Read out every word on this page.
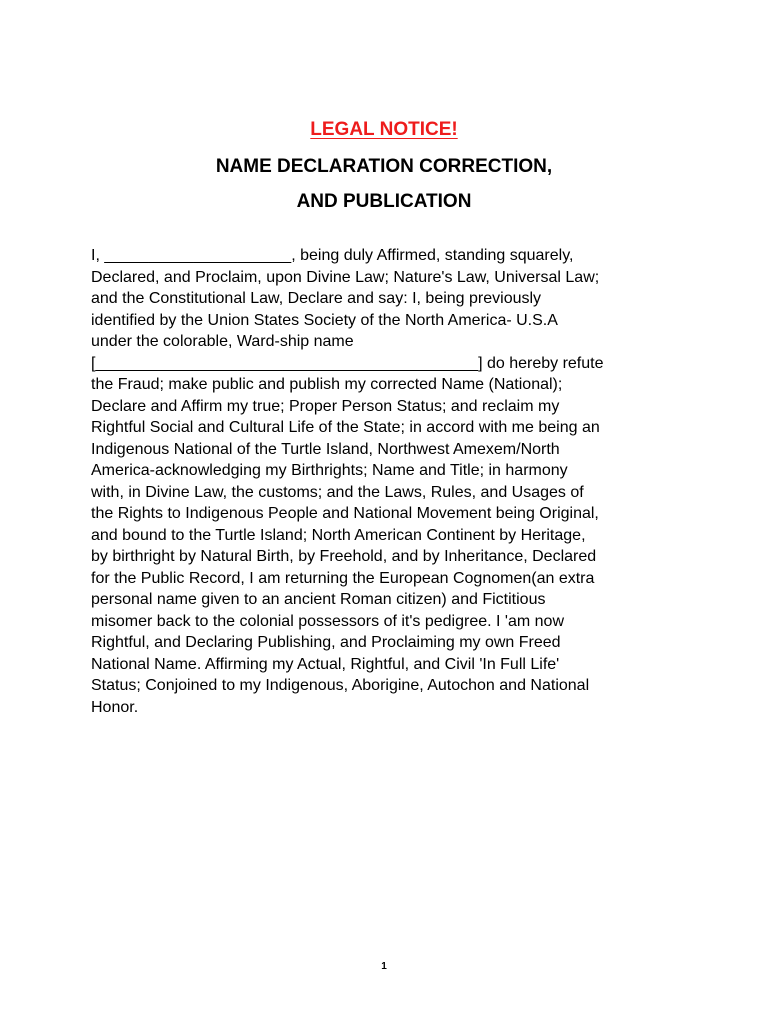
LEGAL NOTICE!
NAME DECLARATION CORRECTION,
AND PUBLICATION

I, _____________________, being duly Affirmed, standing squarely,
Declared, and Proclaim, upon Divine Law; Nature's Law, Universal Law;
and the Constitutional Law, Declare and say: I, being previously
identified by the Union States Society of the North America- U.S.A
under the colorable, Ward-ship name
[___________________________________________] do hereby refute
the Fraud; make public and publish my corrected Name (National);
Declare and Affirm my true; Proper Person Status; and reclaim my
Rightful Social and Cultural Life of the State; in accord with me being an
Indigenous National of the Turtle Island, Northwest Amexem/North
America-acknowledging my Birthrights; Name and Title; in harmony
with, in Divine Law, the customs; and the Laws, Rules, and Usages of
the Rights to Indigenous People and National Movement being Original,
and bound to the Turtle Island; North American Continent by Heritage,
by birthright by Natural Birth, by Freehold, and by Inheritance, Declared
for the Public Record, I am returning the European Cognomen(an extra
personal name given to an ancient Roman citizen) and Fictitious
misomer back to the colonial possessors of it's pedigree. I 'am now
Rightful, and Declaring Publishing, and Proclaiming my own Freed
National Name. Affirming my Actual, Rightful, and Civil 'In Full Life'
Status; Conjoined to my Indigenous, Aborigine, Autochon and National
Honor.

1
